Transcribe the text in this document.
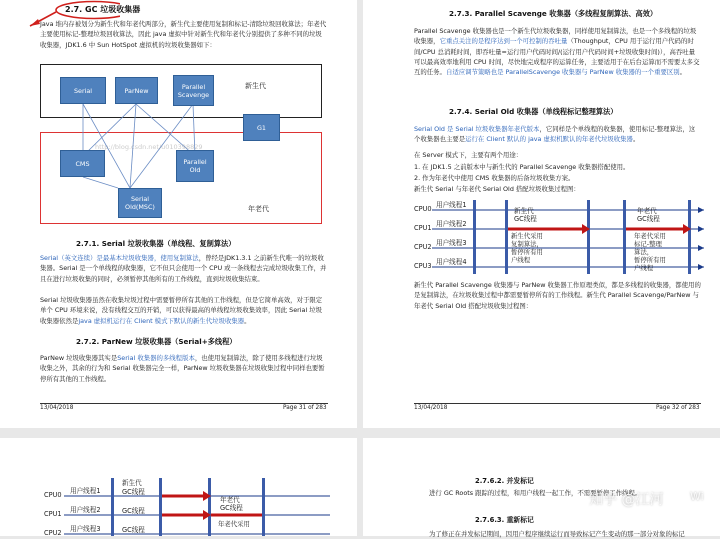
2.7. GC 垃圾收集器

Java 堆内存被划分为新生代和年老代两部分，新生代主要使用复制和标记-清除垃圾回收算法；年老代主要使用标记-整理垃圾回收算法，因此 java 虚拟中针对新生代和年老代分别提供了多种不同的垃圾收集器，JDK1.6 中 Sun HotSpot 虚拟机的垃圾收集器如下：

Serial	ParNew	Parallel Scavenge
新生代
G1
CMS	Parallel Old
Serial Old(MSC)	年老代
http://blog.csdn.net/u010398829

2.7.1. Serial 垃圾收集器（单线程、复制算法）

Serial（英文连续）是最基本垃圾收集器，使用复制算法，曾经是JDK1.3.1 之前新生代唯一的垃圾收集器。Serial 是一个单线程的收集器，它不但只会使用一个 CPU 或一条线程去完成垃圾收集工作，并且在进行垃圾收集的同时，必须暂停其他所有的工作线程，直到垃圾收集结束。

Serial 垃圾收集器虽然在收集垃圾过程中需要暂停所有其他的工作线程，但是它简单高效，对于限定单个 CPU 环境来说，没有线程交互的开销，可以获得最高的单线程垃圾收集效率，因此 Serial 垃圾收集器依然是java 虚拟机运行在 Client 模式下默认的新生代垃圾收集器。

2.7.2. ParNew 垃圾收集器（Serial+多线程）

ParNew 垃圾收集器其实是Serial 收集器的多线程版本，也使用复制算法，除了使用多线程进行垃圾收集之外，其余的行为和 Serial 收集器完全一样，ParNew 垃圾收集器在垃圾收集过程中同样也要暂停所有其他的工作线程。

13/04/2018	Page 31 of 283

2.7.3. Parallel Scavenge 收集器（多线程复制算法、高效）

Parallel Scavenge 收集器也是一个新生代垃圾收集器，同样使用复制算法，也是一个多线程的垃圾收集器，它重点关注的是程序达到一个可控制的吞吐量（Thoughput，CPU 用于运行用户代码的时间/CPU 总消耗时间，即吞吐量=运行用户代码时间/(运行用户代码时间+垃圾收集时间)），高吞吐量可以最高效率地利用 CPU 时间，尽快地完成程序的运算任务，主要适用于在后台运算而不需要太多交互的任务。自适应调节策略也是 ParallelScavenge 收集器与 ParNew 收集器的一个重要区别。

2.7.4. Serial Old 收集器（单线程标记整理算法）

Serial Old 是 Serial 垃圾收集器年老代版本，它同样是个单线程的收集器，使用标记-整理算法，这个收集器也主要是运行在 Client 默认的 java 虚拟机默认的年老代垃圾收集器。

在 Server 模式下，主要有两个用途：

1. 在 JDK1.5 之前版本中与新生代的 Parallel Scavenge 收集器搭配使用。

2. 作为年老代中使用 CMS 收集器的后备垃圾收集方案。

新生代 Serial 与年老代 Serial Old 搭配垃圾收集过程图：

CPU0
CPU1
CPU2
CPU3
用户线程1
用户线程2
用户线程3
用户线程4
新生代
GC线程
新生代采用
复制算法，
暂停所有用
户线程
年老代
GC线程
年老代采用
标记-整理
算法，
暂停所有用
户线程

新生代 Parallel Scavenge 收集器与 ParNew 收集器工作原理类似，都是多线程的收集器，都使用的是复制算法，在垃圾收集过程中都需要暂停所有的工作线程。新生代 Parallel Scavenge/ParNew 与年老代 Serial Old 搭配垃圾收集过程图：

13/04/2018	Page 32 of 283
CPU0
CPU1
CPU2
用户线程1
用户线程2
用户线程3
新生代
GC线程
GC线程
GC线程
年老代
GC线程
年老代采用

2.7.6.2. 并发标记

进行 GC Roots 跟踪的过程，和用户线程一起工作，不需要暂停工作线程。

2.7.6.3. 重新标记

为了修正在并发标记期间，因用户程序继续运行而导致标记产生变动的那一部分对象的标记

知乎 @江河 Wi
